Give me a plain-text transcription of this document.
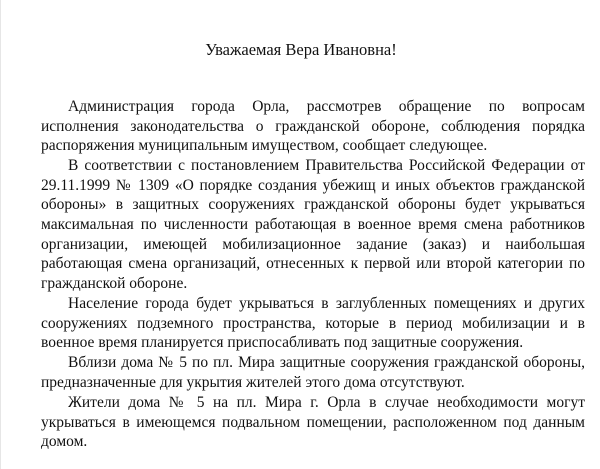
Уважаемая Вера Ивановна!

Администрация города Орла, рассмотрев обращение по вопросам исполнения законодательства о гражданской обороне, соблюдения порядка распоряжения муниципальным имуществом, сообщает следующее.

В соответствии с постановлением Правительства Российской Федерации от 29.11.1999 № 1309 «О порядке создания убежищ и иных объектов гражданской обороны» в защитных сооружениях гражданской обороны будет укрываться максимальная по численности работающая в военное время смена работников организации, имеющей мобилизационное задание (заказ) и наибольшая работающая смена организаций, отнесенных к первой или второй категории по гражданской обороне.

Население города будет укрываться в заглубленных помещениях и других сооружениях подземного пространства, которые в период мобилизации и в военное время планируется приспосабливать под защитные сооружения.

Вблизи дома № 5 по пл. Мира защитные сооружения гражданской обороны, предназначенные для укрытия жителей этого дома отсутствуют.

Жители дома № 5 на пл. Мира г. Орла в случае необходимости могут укрываться в имеющемся подвальном помещении, расположенном под данным домом.
